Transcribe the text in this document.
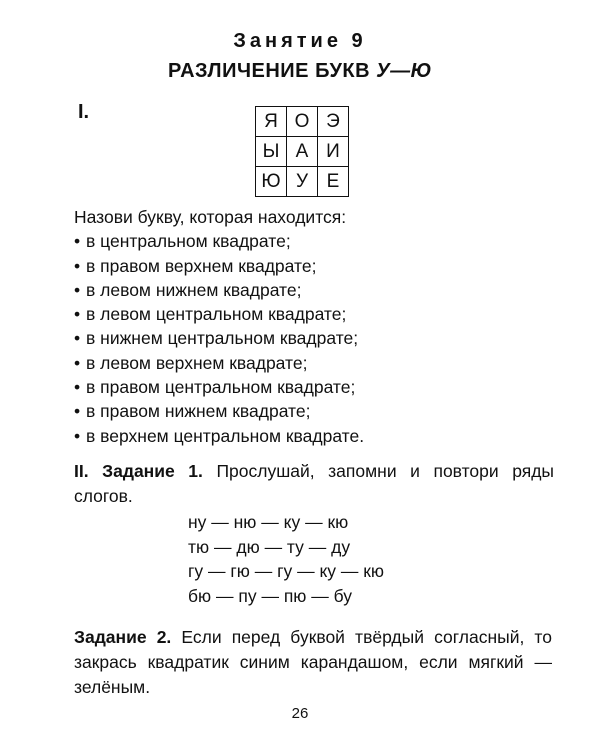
Занятие 9
РАЗЛИЧЕНИЕ БУКВ У—Ю
I.	Я	О	Э
Ы	А	И
Ю	У	Е
Назови букву, которая находится:
• в центральном квадрате;
• в правом верхнем квадрате;
• в левом нижнем квадрате;
• в левом центральном квадрате;
• в нижнем центральном квадрате;
• в левом верхнем квадрате;
• в правом центральном квадрате;
• в правом нижнем квадрате;
• в верхнем центральном квадрате.
II. Задание 1. Прослушай, запомни и повтори ряды слогов.
ну — ню — ку — кю
тю — дю — ту — ду
гу — гю — гу — ку — кю
бю — пу — пю — бу
Задание 2. Если перед буквой твёрдый согласный, то закрась квадратик синим карандашом, если мягкий — зелёным.
26
